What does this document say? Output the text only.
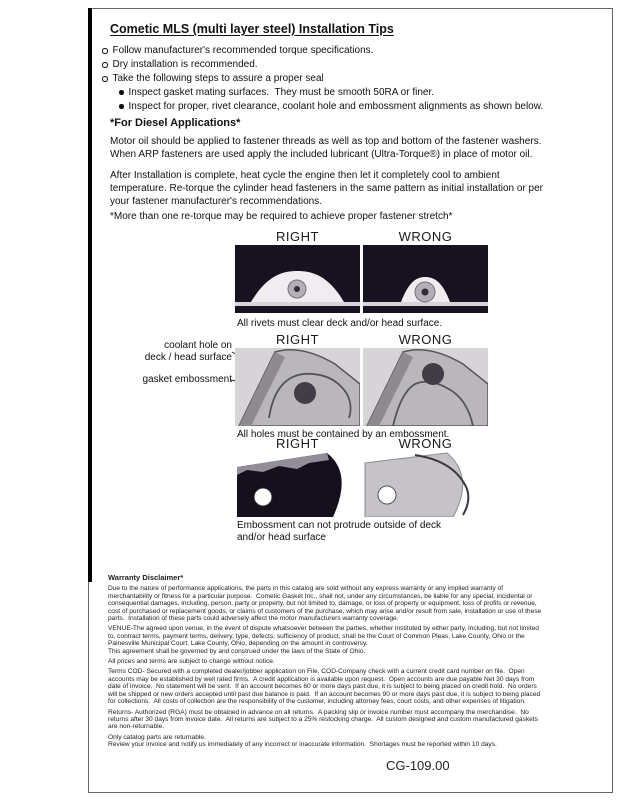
Cometic MLS (multi layer steel) Installation Tips
Follow manufacturer's recommended torque specifications.
Dry installation is recommended.
Take the following steps to assure a proper seal
Inspect gasket mating surfaces.  They must be smooth 50RA or finer.
Inspect for proper, rivet clearance, coolant hole and embossment alignments as shown below.
*For Diesel Applications*
Motor oil should be applied to fastener threads as well as top and bottom of the fastener washers. When ARP fasteners are used apply the included lubricant (Ultra-Torque®) in place of motor oil.
After Installation is complete, heat cycle the engine then let it completely cool to ambient temperature. Re-torque the cylinder head fasteners in the same pattern as initial installation or per your fastener manufacturer's recommendations.
*More than one re-torque may be required to achieve proper fastener stretch*
RIGHT	WRONG
All rivets must clear deck and/or head surface.
RIGHT	WRONG
coolant hole on
deck / head surface
gasket embossment
All holes must be contained by an embossment.
RIGHT	WRONG
Embossment can not protrude outside of deck
and/or head surface
Warranty Disclaimer*

Due to the nature of performance applications, the parts in this catalog are sold without any express warranty or any implied warranty of merchantability or fitness for a particular purpose.  Cometic Gasket Inc., shall not, under any circumstances, be liable for any special, incidental or consequential damages, including, person, party or property, but not limited to, damage, or loss of property or equipment, loss of profits or revenue, cost of purchased or replacement goods, or claims of customers of the purchase, which may arise and/or result from sale, installation or use of these parts.  Installation of these parts could adversely affect the motor manufacturers warranty coverage.

VENUE-The agreed upon venue, in the event of dispute whatsoever between the parties, whether instituted by either party, including, but not limited to, contract terms, payment terms, delivery, type, defects, sufficiency of product, shall be the Court of Common Pleas, Lake County, Ohio or the Painesville Municipal Court, Lake County, Ohio, depending on the amount in controversy.

This agreement shall be governed by and construed under the laws of the State of Ohio.

All prices and terms are subject to change without notice.

Terms COD- Secured with a completed dealer/jobber application on File, COD-Company check with a current credit card number on file.  Open accounts may be established by well rated firms.  A credit application is available upon request.  Open accounts are due payable Net 30 days from date of invoice.  No statement will be sent.  If an account becomes 60 or more days past due, it is subject to being placed on credit hold.  No orders will be shipped or new orders accepted until past due balance is paid.  If an account becomes 90 or more days past due, it is subject to being placed for collections.  All costs of collection are the responsibility of the customer, including attorney fees, court costs, and other expenses of litigation.

Returns- Authorized (RGA) must be obtained in advance on all returns.  A packing slip or invoice number must accompany the merchandise.  No returns after 30 days from invoice date.  All returns are subject to a 25% restocking charge.  All custom designed and custom manufactured gaskets are non-returnable.

Only catalog parts are returnable.

Review your invoice and notify us immediately of any incorrect or inaccurate information.  Shortages must be reported within 10 days.

CG-109.00
